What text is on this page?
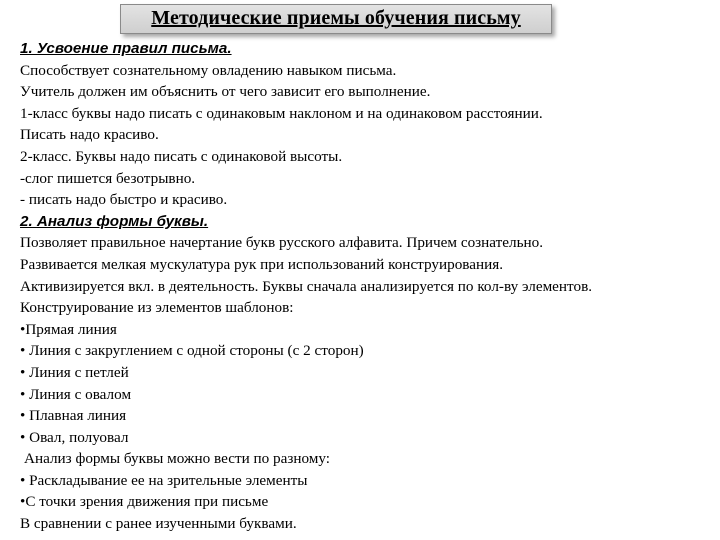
Методические приемы обучения письму
1. Усвоение правил письма.
Способствует сознательному овладению навыком письма.
Учитель должен им объяснить от чего зависит его выполнение.
1-класс буквы надо писать с одинаковым наклоном и на одинаковом расстоянии.
Писать надо красиво.
2-класс. Буквы надо писать с одинаковой высоты.
-слог пишется безотрывно.
- писать надо быстро и красиво.
2. Анализ формы буквы.
Позволяет правильное начертание букв русского алфавита. Причем сознательно.
Развивается мелкая мускулатура рук при использований конструирования.
Активизируется вкл. в деятельность. Буквы сначала анализируется по кол-ву элементов.
Конструирование из элементов шаблонов:
•Прямая линия
• Линия с закруглением с одной стороны (с 2 сторон)
• Линия с петлей
• Линия с овалом
• Плавная линия
• Овал, полуовал
Анализ формы буквы можно вести по разному:
• Раскладывание ее на зрительные элементы
•С точки зрения движения при письме
В сравнении с ранее изученными буквами.
